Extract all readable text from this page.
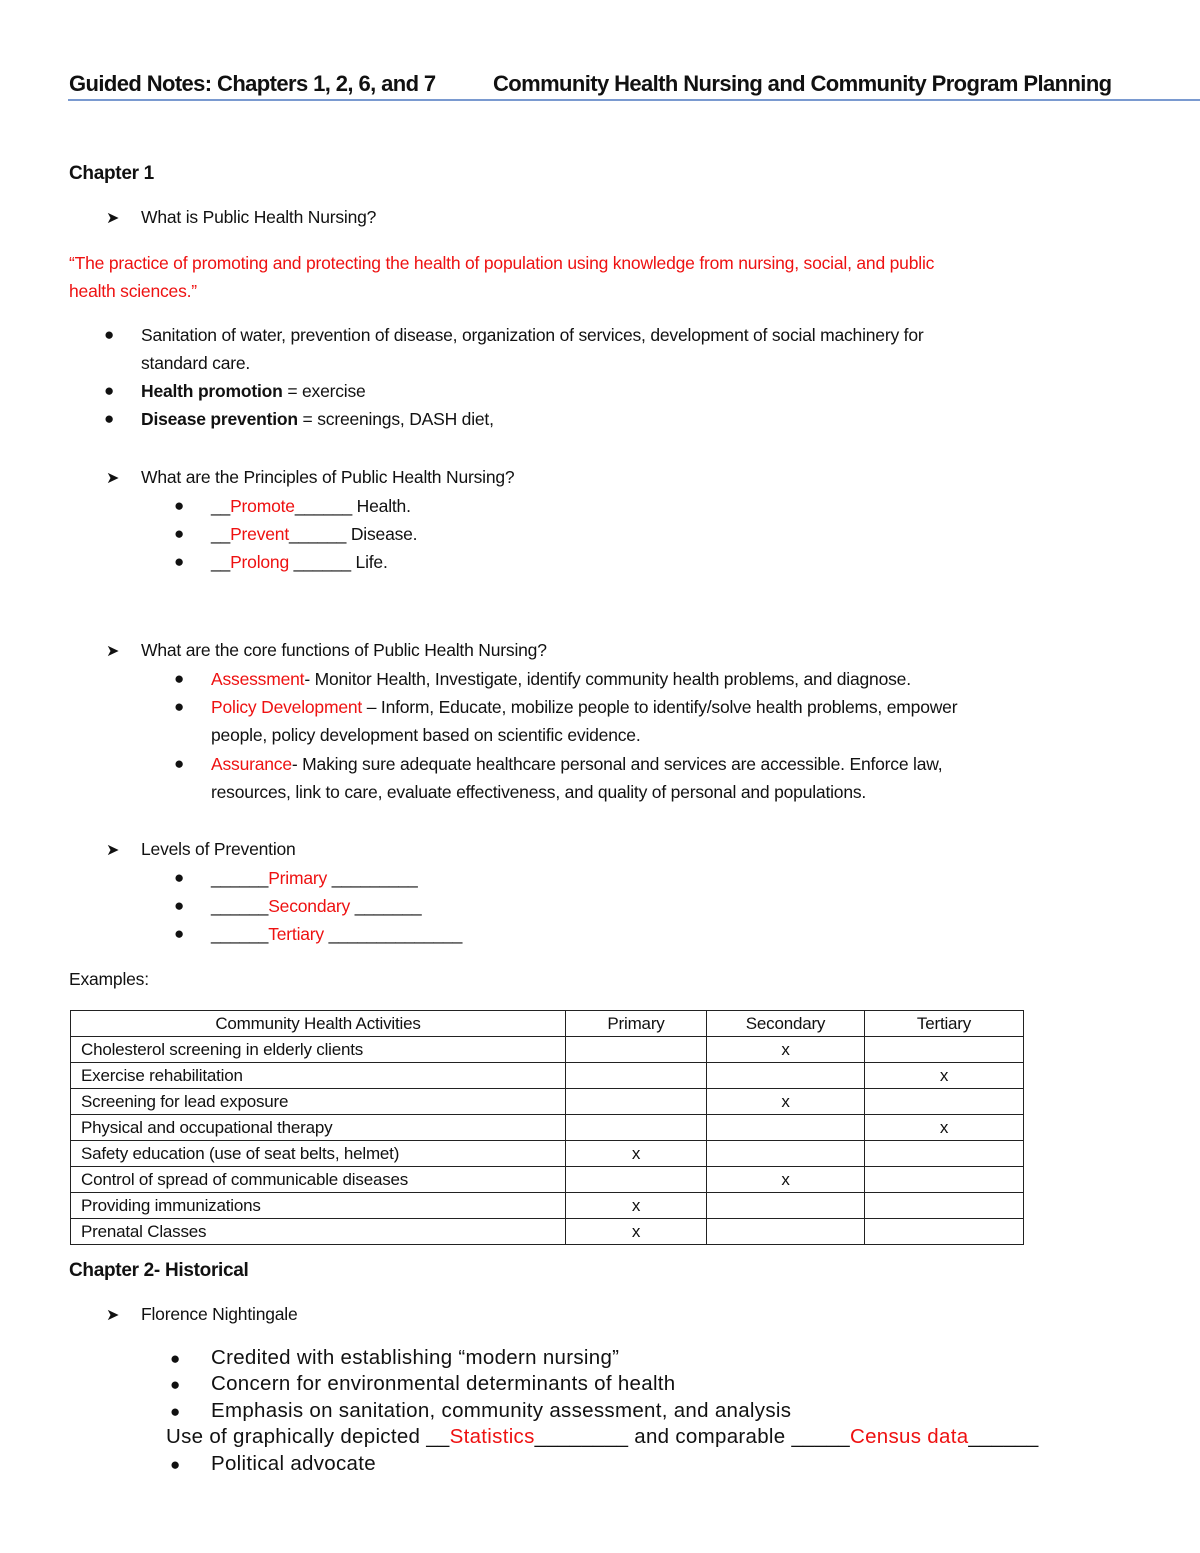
Guided Notes: Chapters 1, 2, 6, and 7	Community Health Nursing and Community Program Planning
Chapter 1
➤ What is Public Health Nursing?
“The practice of promoting and protecting the health of population using knowledge from nursing, social, and public
health sciences.”
● Sanitation of water, prevention of disease, organization of services, development of social machinery for
standard care.
● Health promotion = exercise
● Disease prevention = screenings, DASH diet,
➤ What are the Principles of Public Health Nursing?
● __Promote______ Health.
● __Prevent______ Disease.
● __Prolong ______ Life.
➤ What are the core functions of Public Health Nursing?
● Assessment- Monitor Health, Investigate, identify community health problems, and diagnose.
● Policy Development – Inform, Educate, mobilize people to identify/solve health problems, empower
people, policy development based on scientific evidence.
● Assurance- Making sure adequate healthcare personal and services are accessible. Enforce law,
resources, link to care, evaluate effectiveness, and quality of personal and populations.
➤ Levels of Prevention
● ______Primary _________
● ______Secondary _______
● ______Tertiary ______________
Examples:
Community Health Activities	Primary	Secondary	Tertiary
Cholesterol screening in elderly clients		x	
Exercise rehabilitation			x
Screening for lead exposure		x	
Physical and occupational therapy			x
Safety education (use of seat belts, helmet)	x		
Control of spread of communicable diseases		x	
Providing immunizations	x		
Prenatal Classes	x		
Chapter 2- Historical
➤ Florence Nightingale
● Credited with establishing “modern nursing”
● Concern for environmental determinants of health
● Emphasis on sanitation, community assessment, and analysis
Use of graphically depicted __Statistics________ and comparable _____Census data______
● Political advocate
